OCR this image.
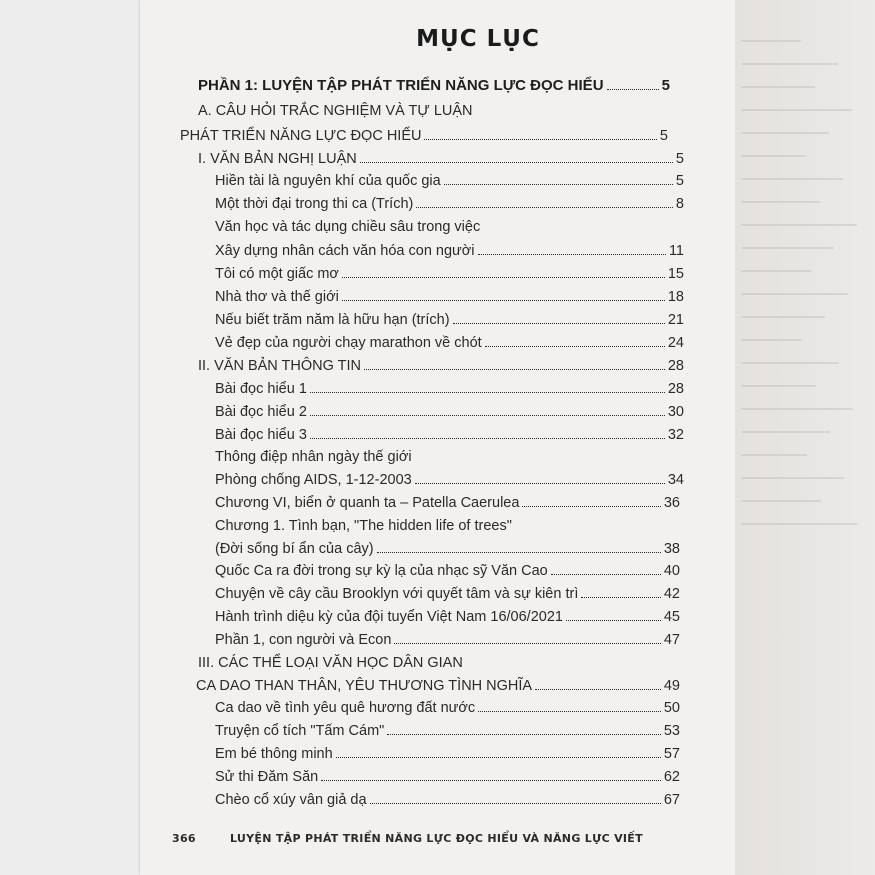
MỤC LỤC
PHẦN 1: LUYỆN TẬP PHÁT TRIỂN NĂNG LỰC ĐỌC HIỂU	5
A. CÂU HỎI TRẮC NGHIỆM VÀ TỰ LUẬN
PHÁT TRIỂN NĂNG LỰC ĐỌC HIỂU	5
I. VĂN BẢN NGHỊ LUẬN	5
Hiền tài là nguyên khí của quốc gia	5
Một thời đại trong thi ca (Trích)	8
Văn học và tác dụng chiều sâu trong việc
Xây dựng nhân cách văn hóa con người	11
Tôi có một giấc mơ	15
Nhà thơ và thế giới	18
Nếu biết trăm năm là hữu hạn (trích)	21
Vẻ đẹp của người chạy marathon về chót	24
II. VĂN BẢN THÔNG TIN	28
Bài đọc hiểu 1	28
Bài đọc hiểu 2	30
Bài đọc hiểu 3	32
Thông điệp nhân ngày thế giới
Phòng chống AIDS, 1-12-2003	34
Chương VI, biển ở quanh ta – Patella Caerulea	36
Chương 1. Tình bạn, "The hidden life of trees"
(Đời sống bí ẩn của cây)	38
Quốc Ca ra đời trong sự kỳ lạ của nhạc sỹ Văn Cao	40
Chuyện về cây cầu Brooklyn với quyết tâm và sự kiên trì	42
Hành trình diệu kỳ của đội tuyển Việt Nam 16/06/2021	45
Phần 1, con người và Econ	47
III. CÁC THỂ LOẠI VĂN HỌC DÂN GIAN
CA DAO THAN THÂN, YÊU THƯƠNG TÌNH NGHĨA	49
Ca dao về tình yêu quê hương đất nước	50
Truyện cổ tích "Tấm Cám"	53
Em bé thông minh	57
Sử thi Đăm Săn	62
Chèo cổ xúy vân giả dạ	67
366	LUYỆN TẬP PHÁT TRIỂN NĂNG LỰC ĐỌC HIỂU VÀ NĂNG LỰC VIẾT
